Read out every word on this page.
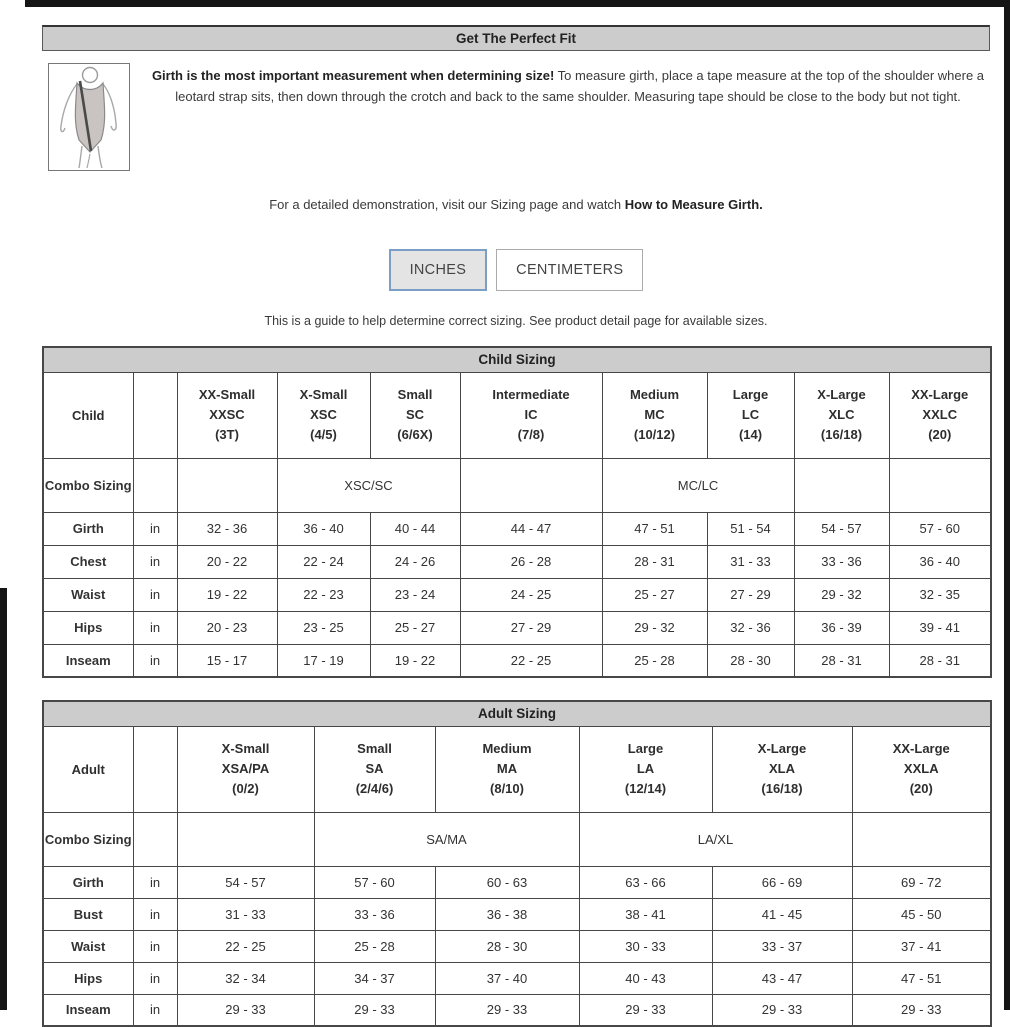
Get The Perfect Fit

Girth is the most important measurement when determining size! To measure girth, place a tape measure at the top of the shoulder where a leotard strap sits, then down through the crotch and back to the same shoulder. Measuring tape should be close to the body but not tight.

For a detailed demonstration, visit our Sizing page and watch How to Measure Girth.

INCHES	CENTIMETERS

This is a guide to help determine correct sizing. See product detail page for available sizes.

Child Sizing									
Child		XX-Small
XXSC
(3T)	X-Small
XSC
(4/5)	Small
SC
(6/6X)	Intermediate
IC
(7/8)	Medium
MC
(10/12)	Large
LC
(14)	X-Large
XLC
(16/18)	XX-Large
XXLC
(20)

Combo Sizing			XSC/SC			MC/LC			
Girth	in	32 - 36	36 - 40	40 - 44	44 - 47	47 - 51	51 - 54	54 - 57	57 - 60
Chest	in	20 - 22	22 - 24	24 - 26	26 - 28	28 - 31	31 - 33	33 - 36	36 - 40
Waist	in	19 - 22	22 - 23	23 - 24	24 - 25	25 - 27	27 - 29	29 - 32	32 - 35
Hips	in	20 - 23	23 - 25	25 - 27	27 - 29	29 - 32	32 - 36	36 - 39	39 - 41
Inseam	in	15 - 17	17 - 19	19 - 22	22 - 25	25 - 28	28 - 30	28 - 31	28 - 31
Adult Sizing							
Adult		X-Small
XSA/PA
(0/2)	Small
SA
(2/4/6)	Medium
MA
(8/10)	Large
LA
(12/14)	X-Large
XLA
(16/18)	XX-Large
XXLA
(20)

Combo Sizing			SA/MA		LA/XL		
Girth	in	54 - 57	57 - 60	60 - 63	63 - 66	66 - 69	69 - 72
Bust	in	31 - 33	33 - 36	36 - 38	38 - 41	41 - 45	45 - 50
Waist	in	22 - 25	25 - 28	28 - 30	30 - 33	33 - 37	37 - 41
Hips	in	32 - 34	34 - 37	37 - 40	40 - 43	43 - 47	47 - 51
Inseam	in	29 - 33	29 - 33	29 - 33	29 - 33	29 - 33	29 - 33
